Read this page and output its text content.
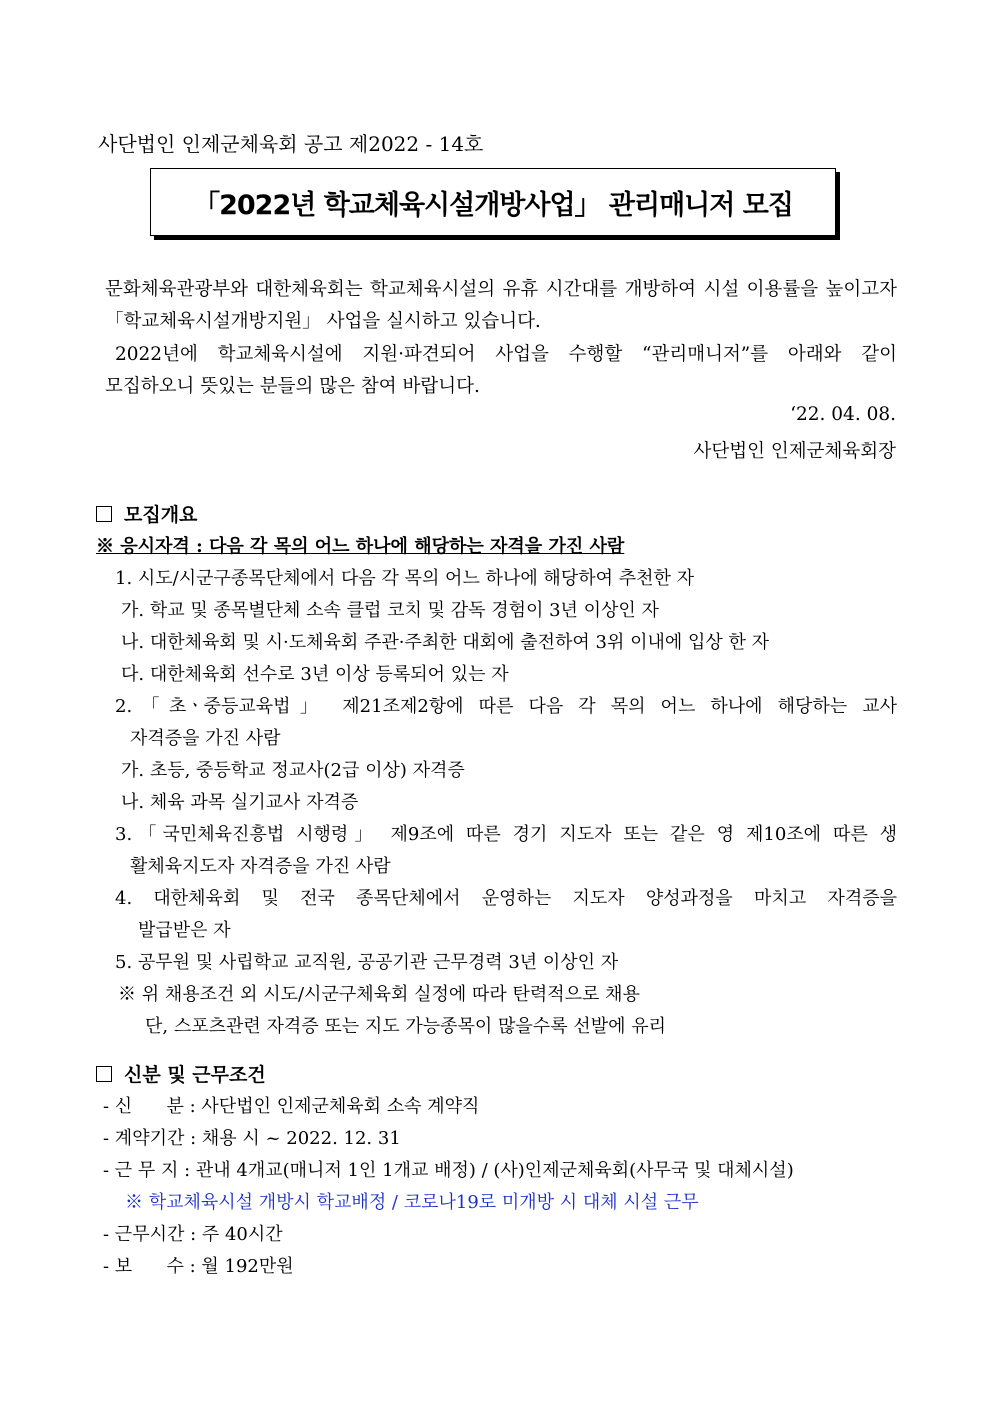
사단법인 인제군체육회 공고 제2022 - 14호
「2022년 학교체육시설개방사업」 관리매니저 모집
문화체육관광부와 대한체육회는 학교체육시설의 유휴 시간대를 개방하여 시설 이용률을 높이고자
「학교체육시설개방지원」 사업을 실시하고 있습니다.
2022년에 학교체육시설에 지원·파견되어 사업을 수행할 “관리매니저”를 아래와 같이
모집하오니 뜻있는 분들의 많은 참여 바랍니다.
‘22. 04. 08.
사단법인 인제군체육회장
모집개요
※ 응시자격 : 다음 각 목의 어느 하나에 해당하는 자격을 가진 사람
1. 시도/시군구종목단체에서 다음 각 목의 어느 하나에 해당하여 추천한 자
가. 학교 및 종목별단체 소속 클럽 코치 및 감독 경험이 3년 이상인 자
나. 대한체육회 및 시·도체육회 주관·주최한 대회에 출전하여 3위 이내에 입상 한 자
다. 대한체육회 선수로 3년 이상 등록되어 있는 자
2.「초ㆍ중등교육법」 제21조제2항에 따른 다음 각 목의 어느 하나에 해당하는 교사
자격증을 가진 사람
가. 초등, 중등학교 정교사(2급 이상) 자격증
나. 체육 과목 실기교사 자격증
3.「국민체육진흥법 시행령」 제9조에 따른 경기 지도자 또는 같은 영 제10조에 따른 생
활체육지도자 자격증을 가진 사람
4. 대한체육회 및 전국 종목단체에서 운영하는 지도자 양성과정을 마치고 자격증을
발급받은 자
5. 공무원 및 사립학교 교직원, 공공기관 근무경력 3년 이상인 자
※ 위 채용조건 외 시도/시군구체육회 실정에 따라 탄력적으로 채용
단, 스포츠관련 자격증 또는 지도 가능종목이 많을수록 선발에 유리
신분 및 근무조건
- 신      분 : 사단법인 인제군체육회 소속 계약직
- 계약기간 : 채용 시 ~ 2022. 12. 31
- 근 무 지 : 관내 4개교(매니저 1인 1개교 배정) / (사)인제군체육회(사무국 및 대체시설)
※ 학교체육시설 개방시 학교배정 / 코로나19로 미개방 시 대체 시설 근무
- 근무시간 : 주 40시간
- 보      수 : 월 192만원
